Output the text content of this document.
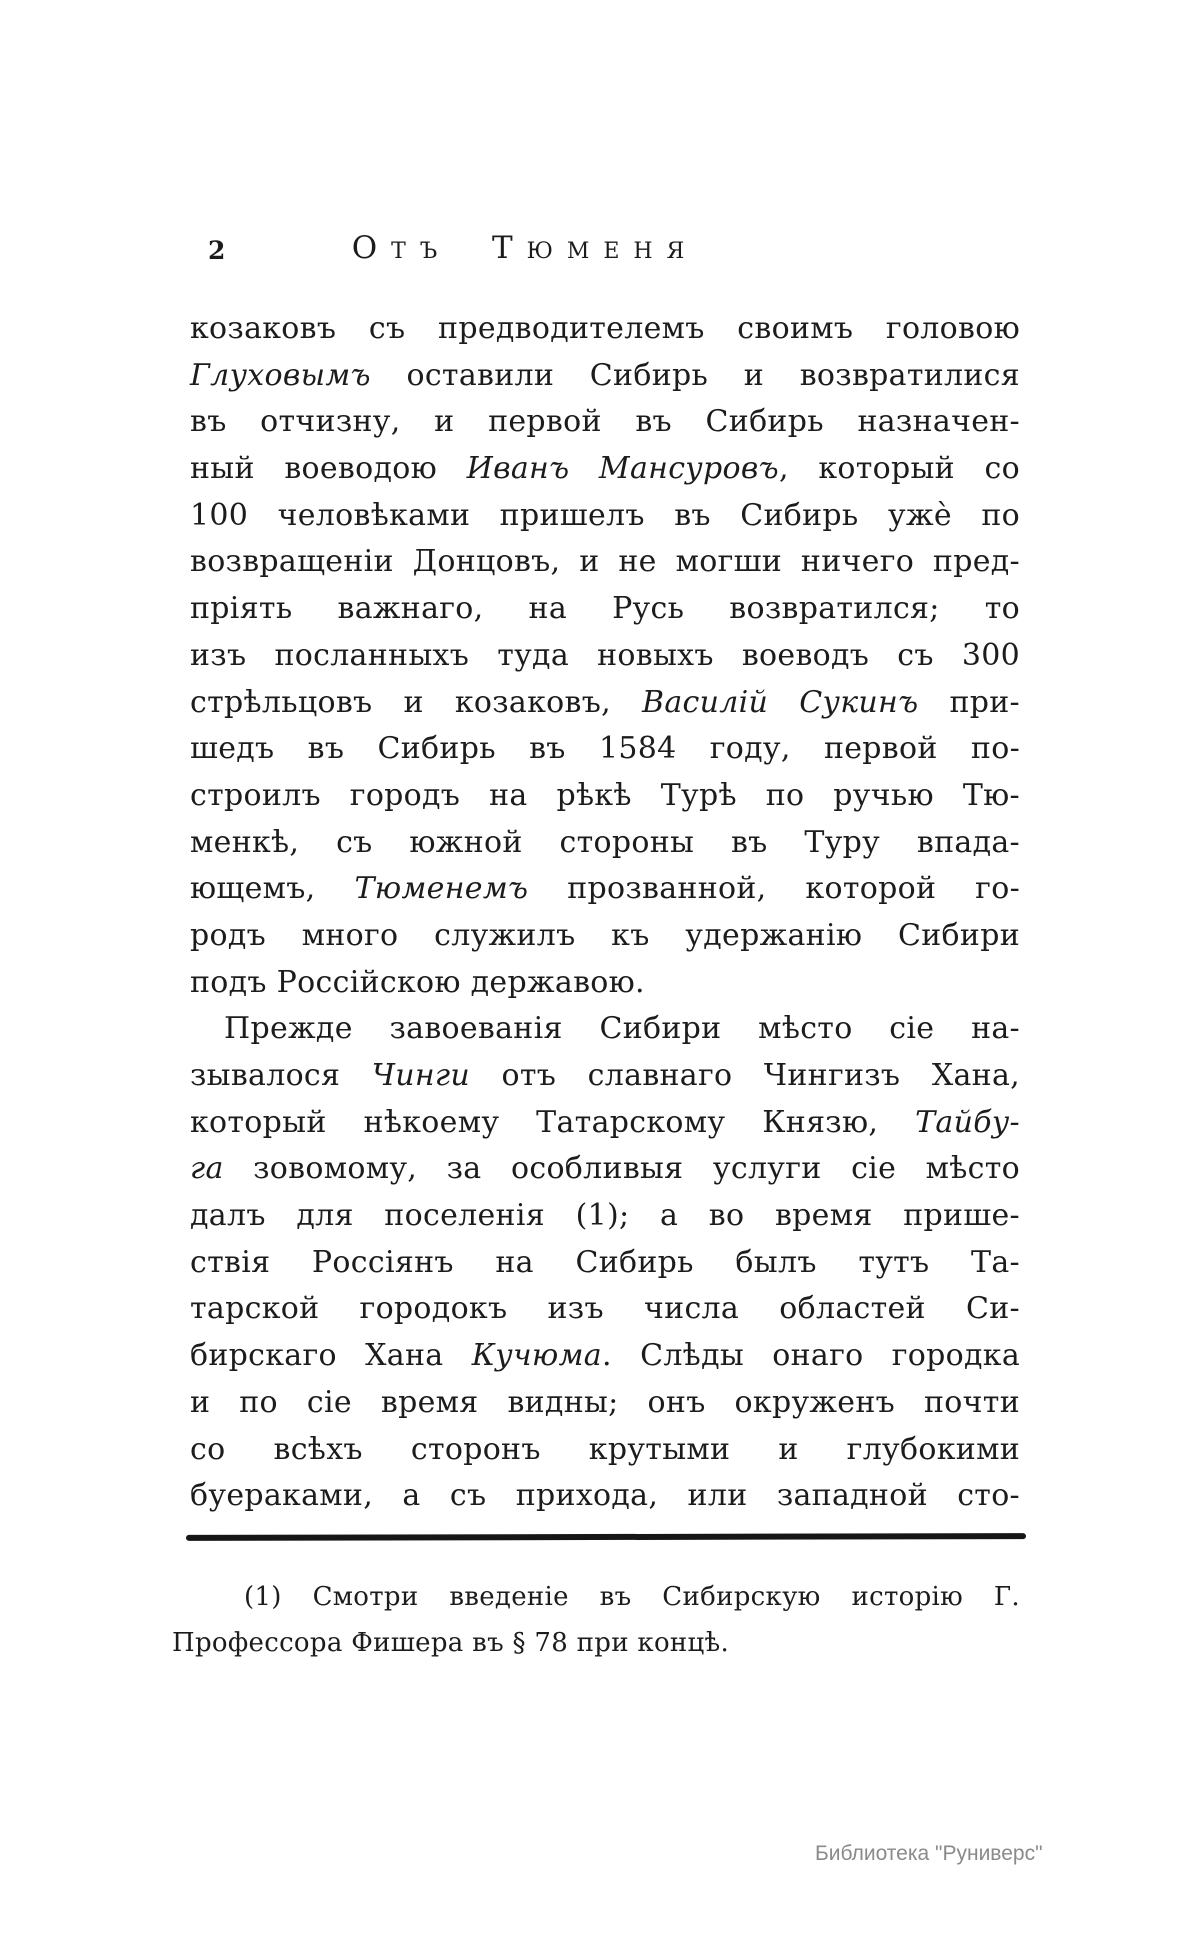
2	Отъ Тюменя
козаковъ съ предводителемъ своимъ головою
Глуховымъ оставили Сибирь и возвратилися
въ отчизну, и первой въ Сибирь назначен-
ный воеводою Иванъ Мансуровъ, который со
100 человѣками пришелъ въ Сибирь ужѐ по
возвращеніи Донцовъ, и не могши ничего пред-
пріять важнаго, на Русь возвратился; то
изъ посланныхъ туда новыхъ воеводъ съ 300
стрѣльцовъ и козаковъ, Василій Сукинъ при-
шедъ въ Сибирь въ 1584 году, первой по-
строилъ городъ на рѣкѣ Турѣ по ручью Тю-
менкѣ, съ южной стороны въ Туру впада-
ющемъ, Тюменемъ прозванной, которой го-
родъ много служилъ къ удержанію Сибири
подъ Россійскою державою.
Прежде завоеванія Сибири мѣсто сіе на-
зывалося Чинги отъ славнаго Чингизъ Хана,
который нѣкоему Татарскому Князю, Тайбу-
га зовомому, за особливыя услуги сіе мѣсто
далъ для поселенія (1); а во время прише-
ствія Россіянъ на Сибирь былъ тутъ Та-
тарской городокъ изъ числа областей Си-
бирскаго Хана Кучюма. Слѣды онаго городка
и по сіе время видны; онъ окруженъ почти
со всѣхъ сторонъ крутыми и глубокими
буераками, а съ прихода, или западной сто-
(1) Смотри введеніе въ Сибирскую исторію Г.
Профессора Фишера въ § 78 при концѣ.
Библиотека "Руниверс"
